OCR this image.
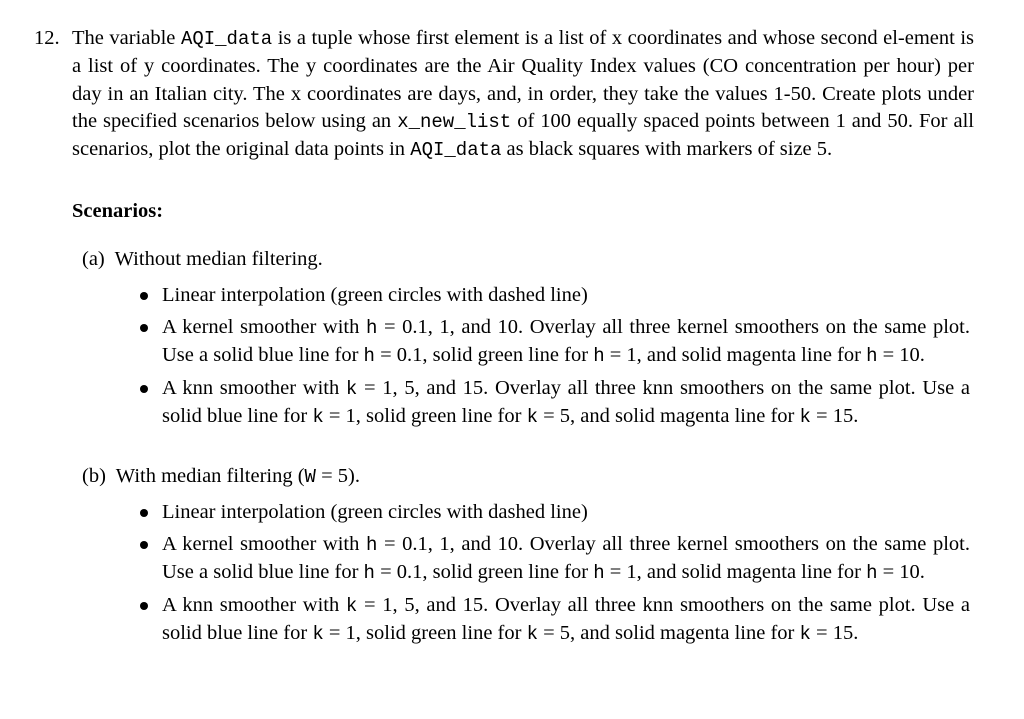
12. The variable AQI_data is a tuple whose first element is a list of x coordinates and whose second el-ement is a list of y coordinates. The y coordinates are the Air Quality Index values (CO concentration per hour) per day in an Italian city. The x coordinates are days, and, in order, they take the values 1-50. Create plots under the specified scenarios below using an x_new_list of 100 equally spaced points between 1 and 50. For all scenarios, plot the original data points in AQI_data as black squares with markers of size 5.
Scenarios:
(a) Without median filtering.
Linear interpolation (green circles with dashed line)
A kernel smoother with h = 0.1, 1, and 10. Overlay all three kernel smoothers on the same plot. Use a solid blue line for h = 0.1, solid green line for h = 1, and solid magenta line for h = 10.
A knn smoother with k = 1, 5, and 15. Overlay all three knn smoothers on the same plot. Use a solid blue line for k = 1, solid green line for k = 5, and solid magenta line for k = 15.
(b) With median filtering (W = 5).
Linear interpolation (green circles with dashed line)
A kernel smoother with h = 0.1, 1, and 10. Overlay all three kernel smoothers on the same plot. Use a solid blue line for h = 0.1, solid green line for h = 1, and solid magenta line for h = 10.
A knn smoother with k = 1, 5, and 15. Overlay all three knn smoothers on the same plot. Use a solid blue line for k = 1, solid green line for k = 5, and solid magenta line for k = 15.
